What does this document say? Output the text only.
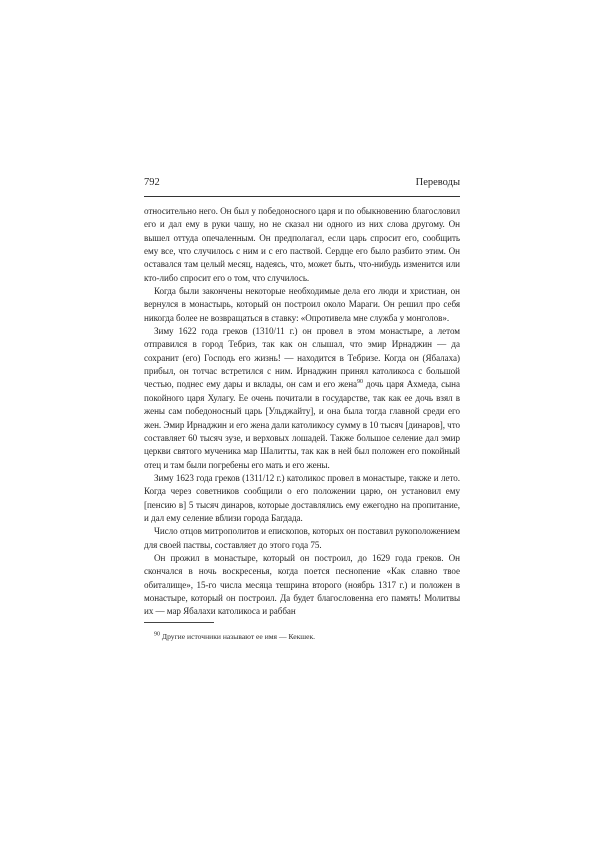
792	Переводы

относительно него. Он был у победоносного царя и по обыкновению благословил его и дал ему в руки чашу, но не сказал ни одного из них слова другому. Он вышел оттуда опечаленным. Он предполагал, если царь спросит его, сообщить ему все, что случилось с ним и с его паствой. Сердце его было разбито этим. Он оставался там целый месяц, надеясь, что, может быть, что-нибудь изменится или кто-либо спросит его о том, что случилось.

Когда были закончены некоторые необходимые дела его люди и христиан, он вернулся в монастырь, который он построил около Мараги. Он решил про себя никогда более не возвращаться в ставку: «Опротивела мне служба у монголов».

Зиму 1622 года греков (1310/11 г.) он провел в этом монастыре, а летом отправился в город Тебриз, так как он слышал, что эмир Ирнаджин — да сохранит (его) Господь его жизнь! — находится в Тебризе. Когда он (Ябалаха) прибыл, он тотчас встретился с ним. Ирнаджин принял католикоса с большой честью, поднес ему дары и вклады, он сам и его жена$^{90}$ дочь царя Ахмеда, сына покойного царя Хулагу. Ее очень почитали в государстве, так как ее дочь взял в жены сам победоносный царь [Ульджайту], и она была тогда главной среди его жен. Эмир Ирнаджин и его жена дали католикосу сумму в 10 тысяч [динаров], что составляет 60 тысяч зузе, и верховых лошадей. Также большое селение дал эмир церкви святого мученика мар Шалитты, так как в ней был положен его покойный отец и там были погребены его мать и его жены.

Зиму 1623 года греков (1311/12 г.) католикос провел в монастыре, также и лето. Когда через советников сообщили о его положении царю, он установил ему [пенсию в] 5 тысяч динаров, которые доставлялись ему ежегодно на пропитание, и дал ему селение вблизи города Багдада.

Число отцов митрополитов и епископов, которых он поставил рукоположением для своей паствы, составляет до этого года 75.

Он прожил в монастыре, который он построил, до 1629 года греков. Он скончался в ночь воскресенья, когда поется песнопение «Как славно твое обиталище», 15-го числа месяца тешрина второго (ноябрь 1317 г.) и положен в монастыре, который он построил. Да будет благословенна его память! Молитвы их — мар Ябалахи католикоса и раббан

$^{90}$ Другие источники называют ее имя — Кекшек.
